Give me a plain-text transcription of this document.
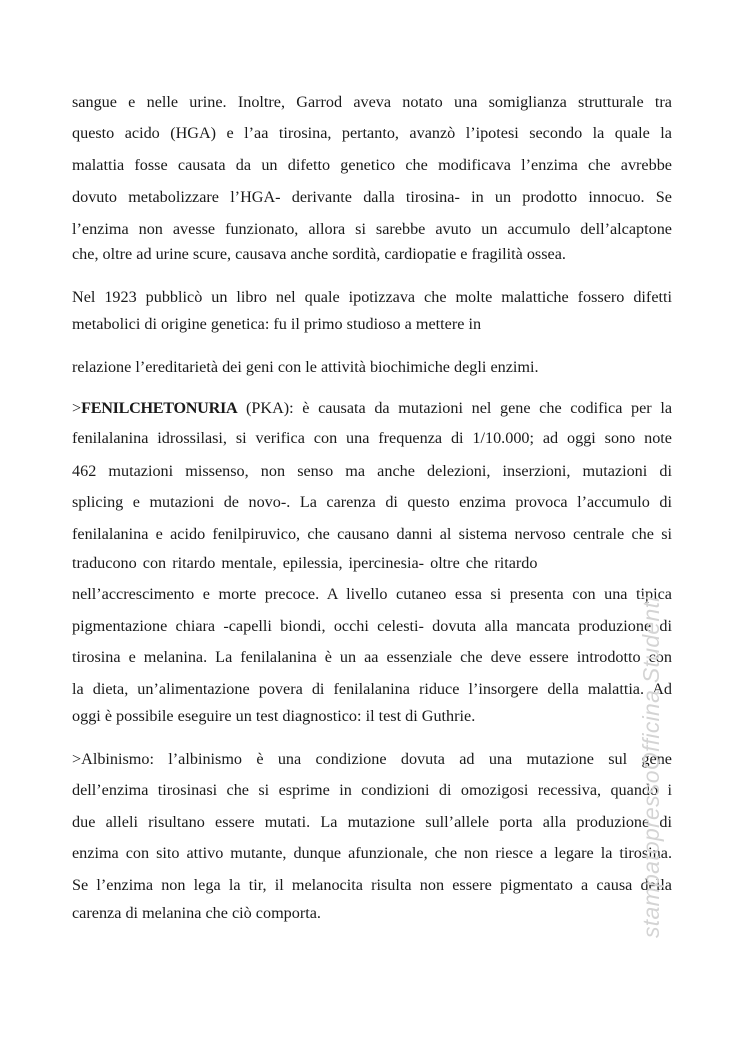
sangue e nelle urine. Inoltre, Garrod aveva notato una somiglianza strutturale tra
questo acido (HGA) e l’aa tirosina, pertanto, avanzò l’ipotesi secondo la quale la
malattia fosse causata da un difetto genetico che modificava l’enzima che avrebbe
dovuto metabolizzare l’HGA- derivante dalla tirosina- in un prodotto innocuo. Se
l’enzima non avesse funzionato, allora si sarebbe avuto un accumulo dell’alcaptone
che, oltre ad urine scure, causava anche sordità, cardiopatie e fragilità ossea.
Nel 1923 pubblicò un libro nel quale ipotizzava che molte malattiche fossero difetti
metabolici di origine genetica: fu il primo studioso a mettere in
relazione l’ereditarietà dei geni con le attività biochimiche degli enzimi.
>FENILCHETONURIA (PKA): è causata da mutazioni nel gene che codifica per la
fenilalanina idrossilasi, si verifica con una frequenza di 1/10.000; ad oggi sono note
462 mutazioni missenso, non senso ma anche delezioni, inserzioni, mutazioni di
splicing e mutazioni de novo-. La carenza di questo enzima provoca l’accumulo di
fenilalanina e acido fenilpiruvico, che causano danni al sistema nervoso centrale che si
traducono con ritardo mentale, epilessia, ipercinesia- oltre che ritardo
nell’accrescimento e morte precoce. A livello cutaneo essa si presenta con una tipica
pigmentazione chiara -capelli biondi, occhi celesti- dovuta alla mancata produzione di
tirosina e melanina. La fenilalanina è un aa essenziale che deve essere introdotto con
la dieta, un’alimentazione povera di fenilalanina riduce l’insorgere della malattia. Ad
oggi è possibile eseguire un test diagnostico: il test di Guthrie.
>Albinismo: l’albinismo è una condizione dovuta ad una mutazione sul gene
dell’enzima tirosinasi che si esprime in condizioni di omozigosi recessiva, quando i
due alleli risultano essere mutati. La mutazione sull’allele porta alla produzione di
enzima con sito attivo mutante, dunque afunzionale, che non riesce a legare la tirosina.
Se l’enzima non lega la tir, il melanocita risulta non essere pigmentato a causa della
carenza di melanina che ciò comporta.	stampatopressoOfficina Studenti
